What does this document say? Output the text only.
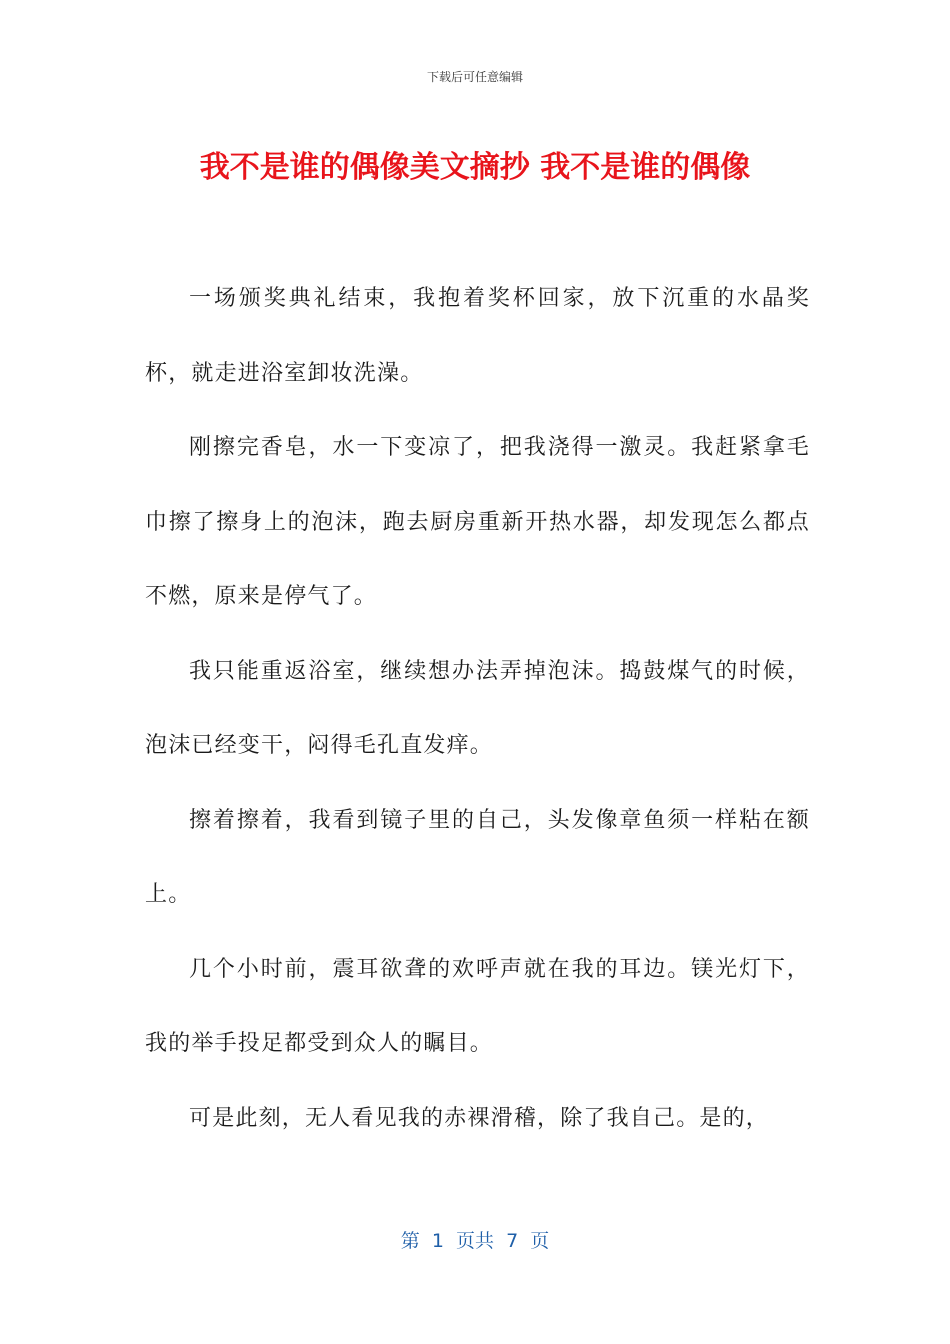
下载后可任意编辑
我不是谁的偶像美文摘抄 我不是谁的偶像

一场颁奖典礼结束，我抱着奖杯回家，放下沉重的水晶奖杯，就走进浴室卸妆洗澡。

刚擦完香皂，水一下变凉了，把我浇得一激灵。我赶紧拿毛巾擦了擦身上的泡沫，跑去厨房重新开热水器，却发现怎么都点不燃，原来是停气了。

我只能重返浴室，继续想办法弄掉泡沫。捣鼓煤气的时候，泡沫已经变干，闷得毛孔直发痒。

擦着擦着，我看到镜子里的自己，头发像章鱼须一样粘在额上。

几个小时前，震耳欲聋的欢呼声就在我的耳边。镁光灯下，我的举手投足都受到众人的瞩目。

可是此刻，无人看见我的赤裸滑稽，除了我自己。是的，

第  1  页共  7  页
